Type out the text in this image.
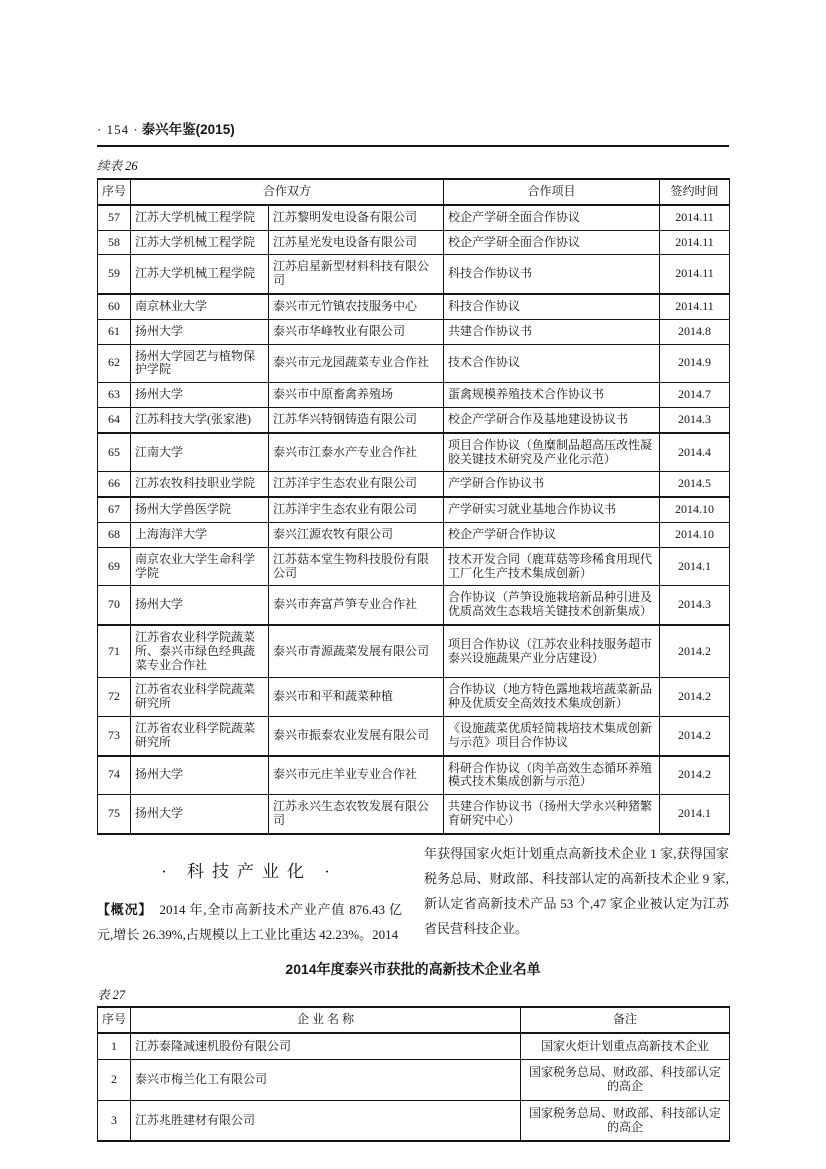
· 154 · 泰兴年鉴(2015)
续表 26
序号	合作双方		合作项目	签约时间
57	江苏大学机械工程学院	江苏黎明发电设备有限公司	校企产学研全面合作协议	2014.11
58	江苏大学机械工程学院	江苏星光发电设备有限公司	校企产学研全面合作协议	2014.11
59	江苏大学机械工程学院	江苏启星新型材料科技有限公司	科技合作协议书	2014.11
60	南京林业大学	泰兴市元竹镇农技服务中心	科技合作协议	2014.11
61	扬州大学	泰兴市华峰牧业有限公司	共建合作协议书	2014.8
62	扬州大学园艺与植物保护学院	泰兴市元龙园蔬菜专业合作社	技术合作协议	2014.9
63	扬州大学	泰兴市中原畜禽养殖场	蛋禽规模养殖技术合作协议书	2014.7
64	江苏科技大学(张家港)	江苏华兴特钢铸造有限公司	校企产学研合作及基地建设协议书	2014.3
65	江南大学	泰兴市江泰水产专业合作社	项目合作协议（鱼糜制品超高压改性凝胶关键技术研究及产业化示范）	2014.4
66	江苏农牧科技职业学院	江苏洋宇生态农业有限公司	产学研合作协议书	2014.5
67	扬州大学兽医学院	江苏洋宇生态农业有限公司	产学研实习就业基地合作协议书	2014.10
68	上海海洋大学	泰兴江源农牧有限公司	校企产学研合作协议	2014.10
69	南京农业大学生命科学学院	江苏菇本堂生物科技股份有限公司	技术开发合同（鹿茸菇等珍稀食用现代工厂化生产技术集成创新）	2014.1
70	扬州大学	泰兴市奔富芦笋专业合作社	合作协议（芦笋设施栽培新品种引进及优质高效生态栽培关键技术创新集成）	2014.3
71	江苏省农业科学院蔬菜所、泰兴市绿色经典蔬菜专业合作社	泰兴市青源蔬菜发展有限公司	项目合作协议（江苏农业科技服务超市泰兴设施蔬果产业分店建设）	2014.2
72	江苏省农业科学院蔬菜研究所	泰兴市和平和蔬菜种植	合作协议（地方特色露地栽培蔬菜新品种及优质安全高效技术集成创新）	2014.2
73	江苏省农业科学院蔬菜研究所	泰兴市振泰农业发展有限公司	《设施蔬菜优质轻简栽培技术集成创新与示范》项目合作协议	2014.2
74	扬州大学	泰兴市元庄羊业专业合作社	科研合作协议（肉羊高效生态循环养殖模式技术集成创新与示范）	2014.2
75	扬州大学	江苏永兴生态农牧发展有限公司	共建合作协议书（扬州大学永兴种猪繁育研究中心）	2014.1
· 科技产业化 ·

【概况】　2014 年,全市高新技术产业产值 876.43 亿元,增长 26.39%,占规模以上工业比重达 42.23%。2014

年获得国家火炬计划重点高新技术企业 1 家,获得国家税务总局、财政部、科技部认定的高新技术企业 9 家,新认定省高新技术产品 53 个,47 家企业被认定为江苏省民营科技企业。

2014年度泰兴市获批的高新技术企业名单
表 27
序号	企 业 名 称	备注
1	江苏泰隆减速机股份有限公司	国家火炬计划重点高新技术企业
2	泰兴市梅兰化工有限公司	国家税务总局、财政部、科技部认定的高企
3	江苏兆胜建材有限公司	国家税务总局、财政部、科技部认定的高企
